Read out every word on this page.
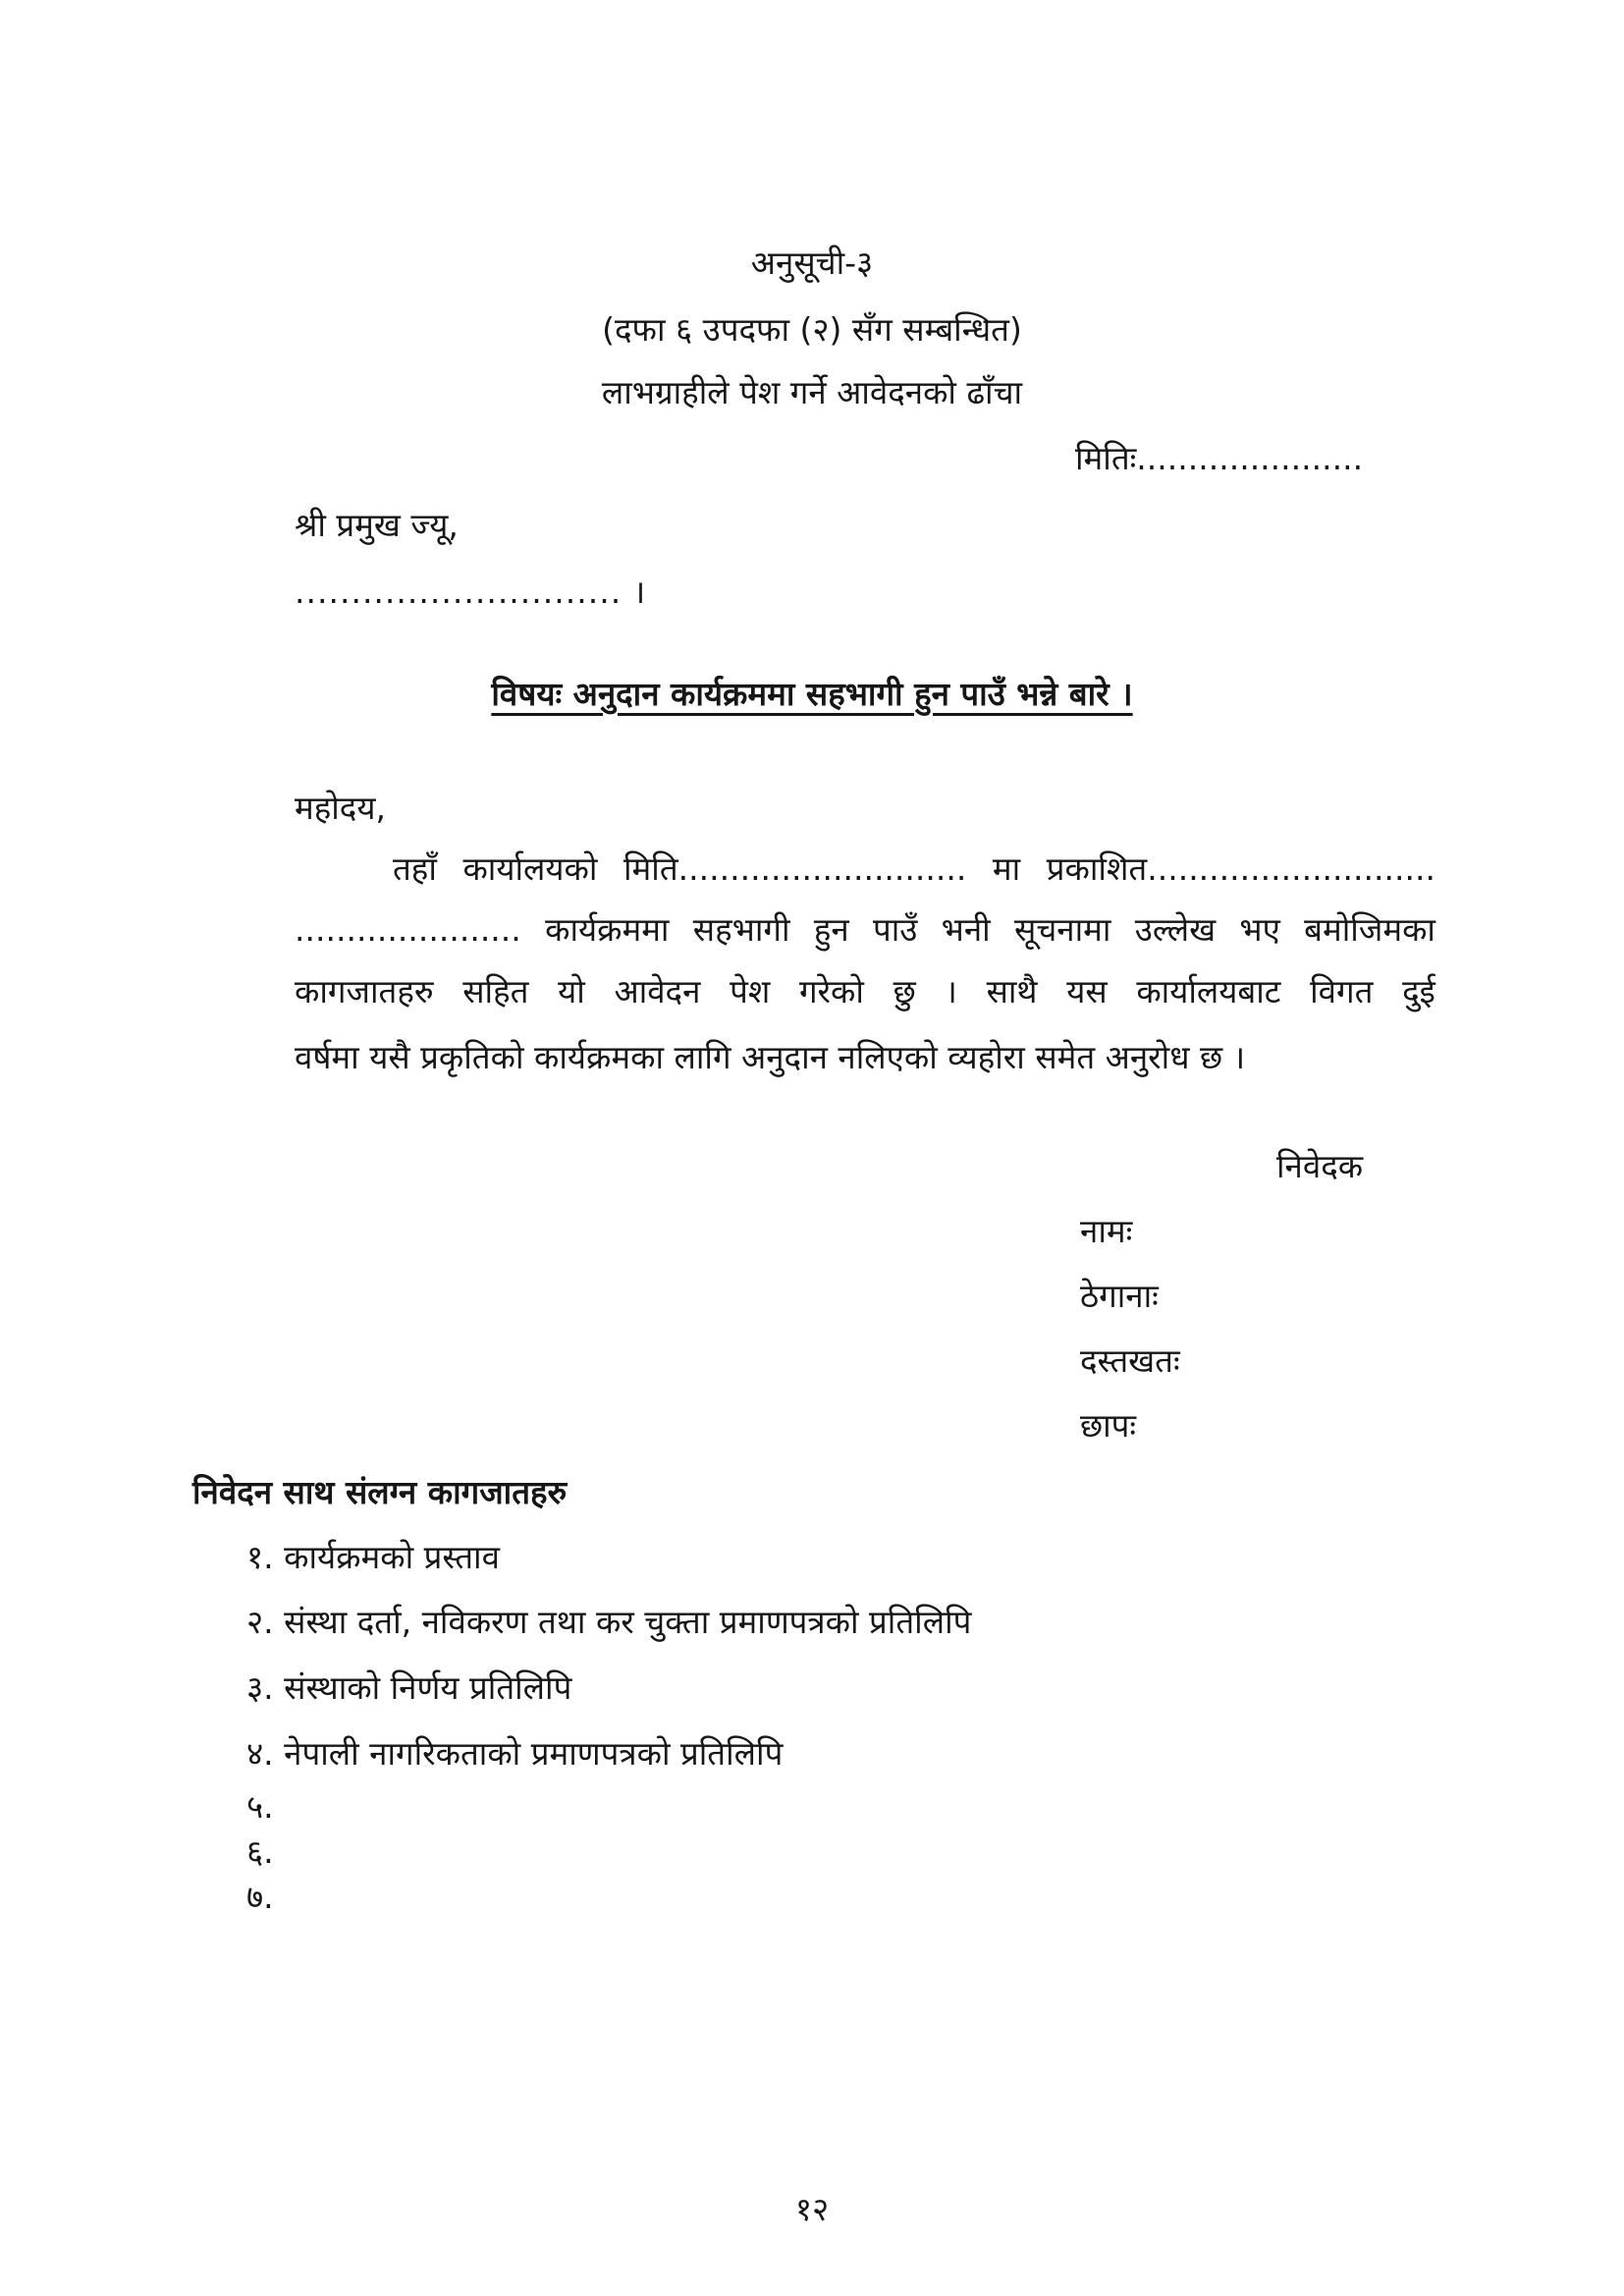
अनुसूची-३
(दफा ६ उपदफा (२) सँग सम्बन्धित)
लाभग्राहीले पेश गर्ने आवेदनको ढाँचा
मितिः......................
श्री प्रमुख ज्यू,
............................. ।
विषयः अनुदान कार्यक्रममा सहभागी हुन पाउँ भन्ने बारे ।
महोदय,
तहाँ कार्यालयको मिति............................ मा प्रकाशित............................
...................... कार्यक्रममा सहभागी हुन पाउँ भनी सूचनामा उल्लेख भए बमोजिमका
कागजातहरु सहित यो आवेदन पेश गरेको छु । साथै यस कार्यालयबाट विगत दुई
वर्षमा यसै प्रकृतिको कार्यक्रमका लागि अनुदान नलिएको व्यहोरा समेत अनुरोध छ ।
निवेदक
नामः
ठेगानाः
दस्तखतः
छापः
निवेदन साथ संलग्न कागजातहरु
१. कार्यक्रमको प्रस्ताव
२. संस्था दर्ता, नविकरण तथा कर चुक्ता प्रमाणपत्रको प्रतिलिपि
३. संस्थाको निर्णय प्रतिलिपि
४. नेपाली नागरिकताको प्रमाणपत्रको प्रतिलिपि
५.
६.
७.
१२
